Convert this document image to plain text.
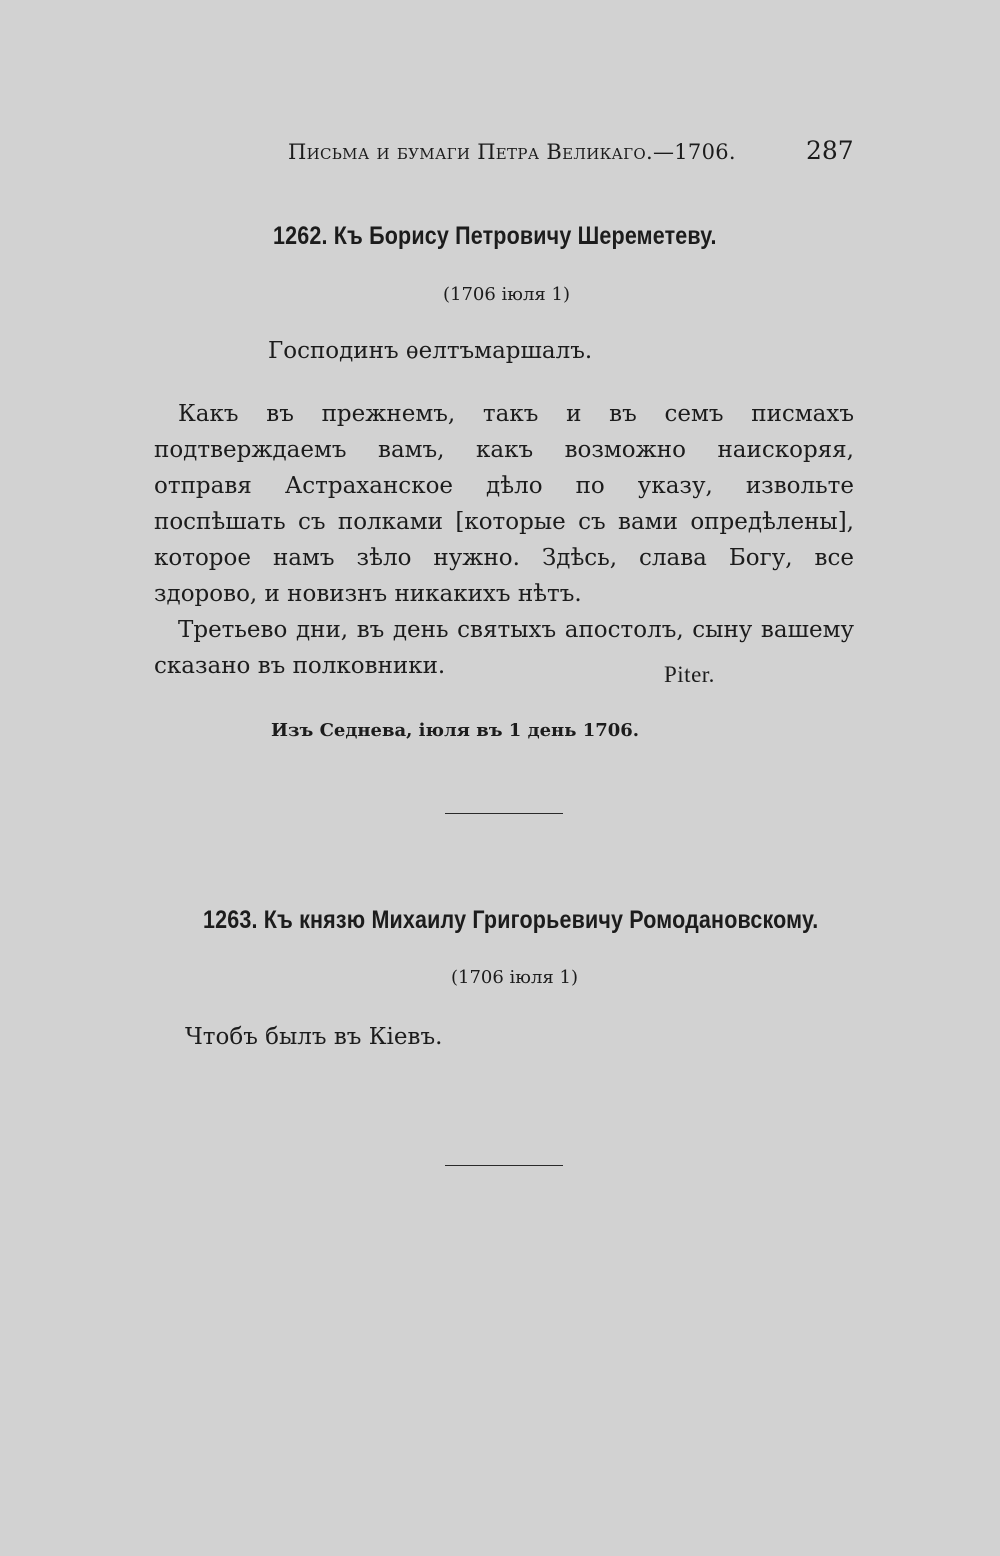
Письма и бумаги Петра Великаго.—1706.	287
1262. Къ Борису Петровичу Шереметеву.
(1706 іюля 1)
Господинъ ѳелтъмаршалъ.

Какъ въ прежнемъ, такъ и въ семъ писмахъ подтверждаемъ вамъ, какъ возможно наискоряя, отправя Астраханское дѣло по указу, извольте поспѣшать съ полками [которые съ вами опредѣлены], которое намъ зѣло нужно. Здѣсь, слава Богу, все здорово, и новизнъ никакихъ нѣтъ.

Третьево дни, въ день святыхъ апостолъ, сыну вашему сказано въ полковники.	Piter.
Изъ Седнева, іюля въ 1 день 1706.
1263. Къ князю Михаилу Григорьевичу Ромодановскому.
(1706 іюля 1)
Чтобъ былъ въ Кіевъ.
